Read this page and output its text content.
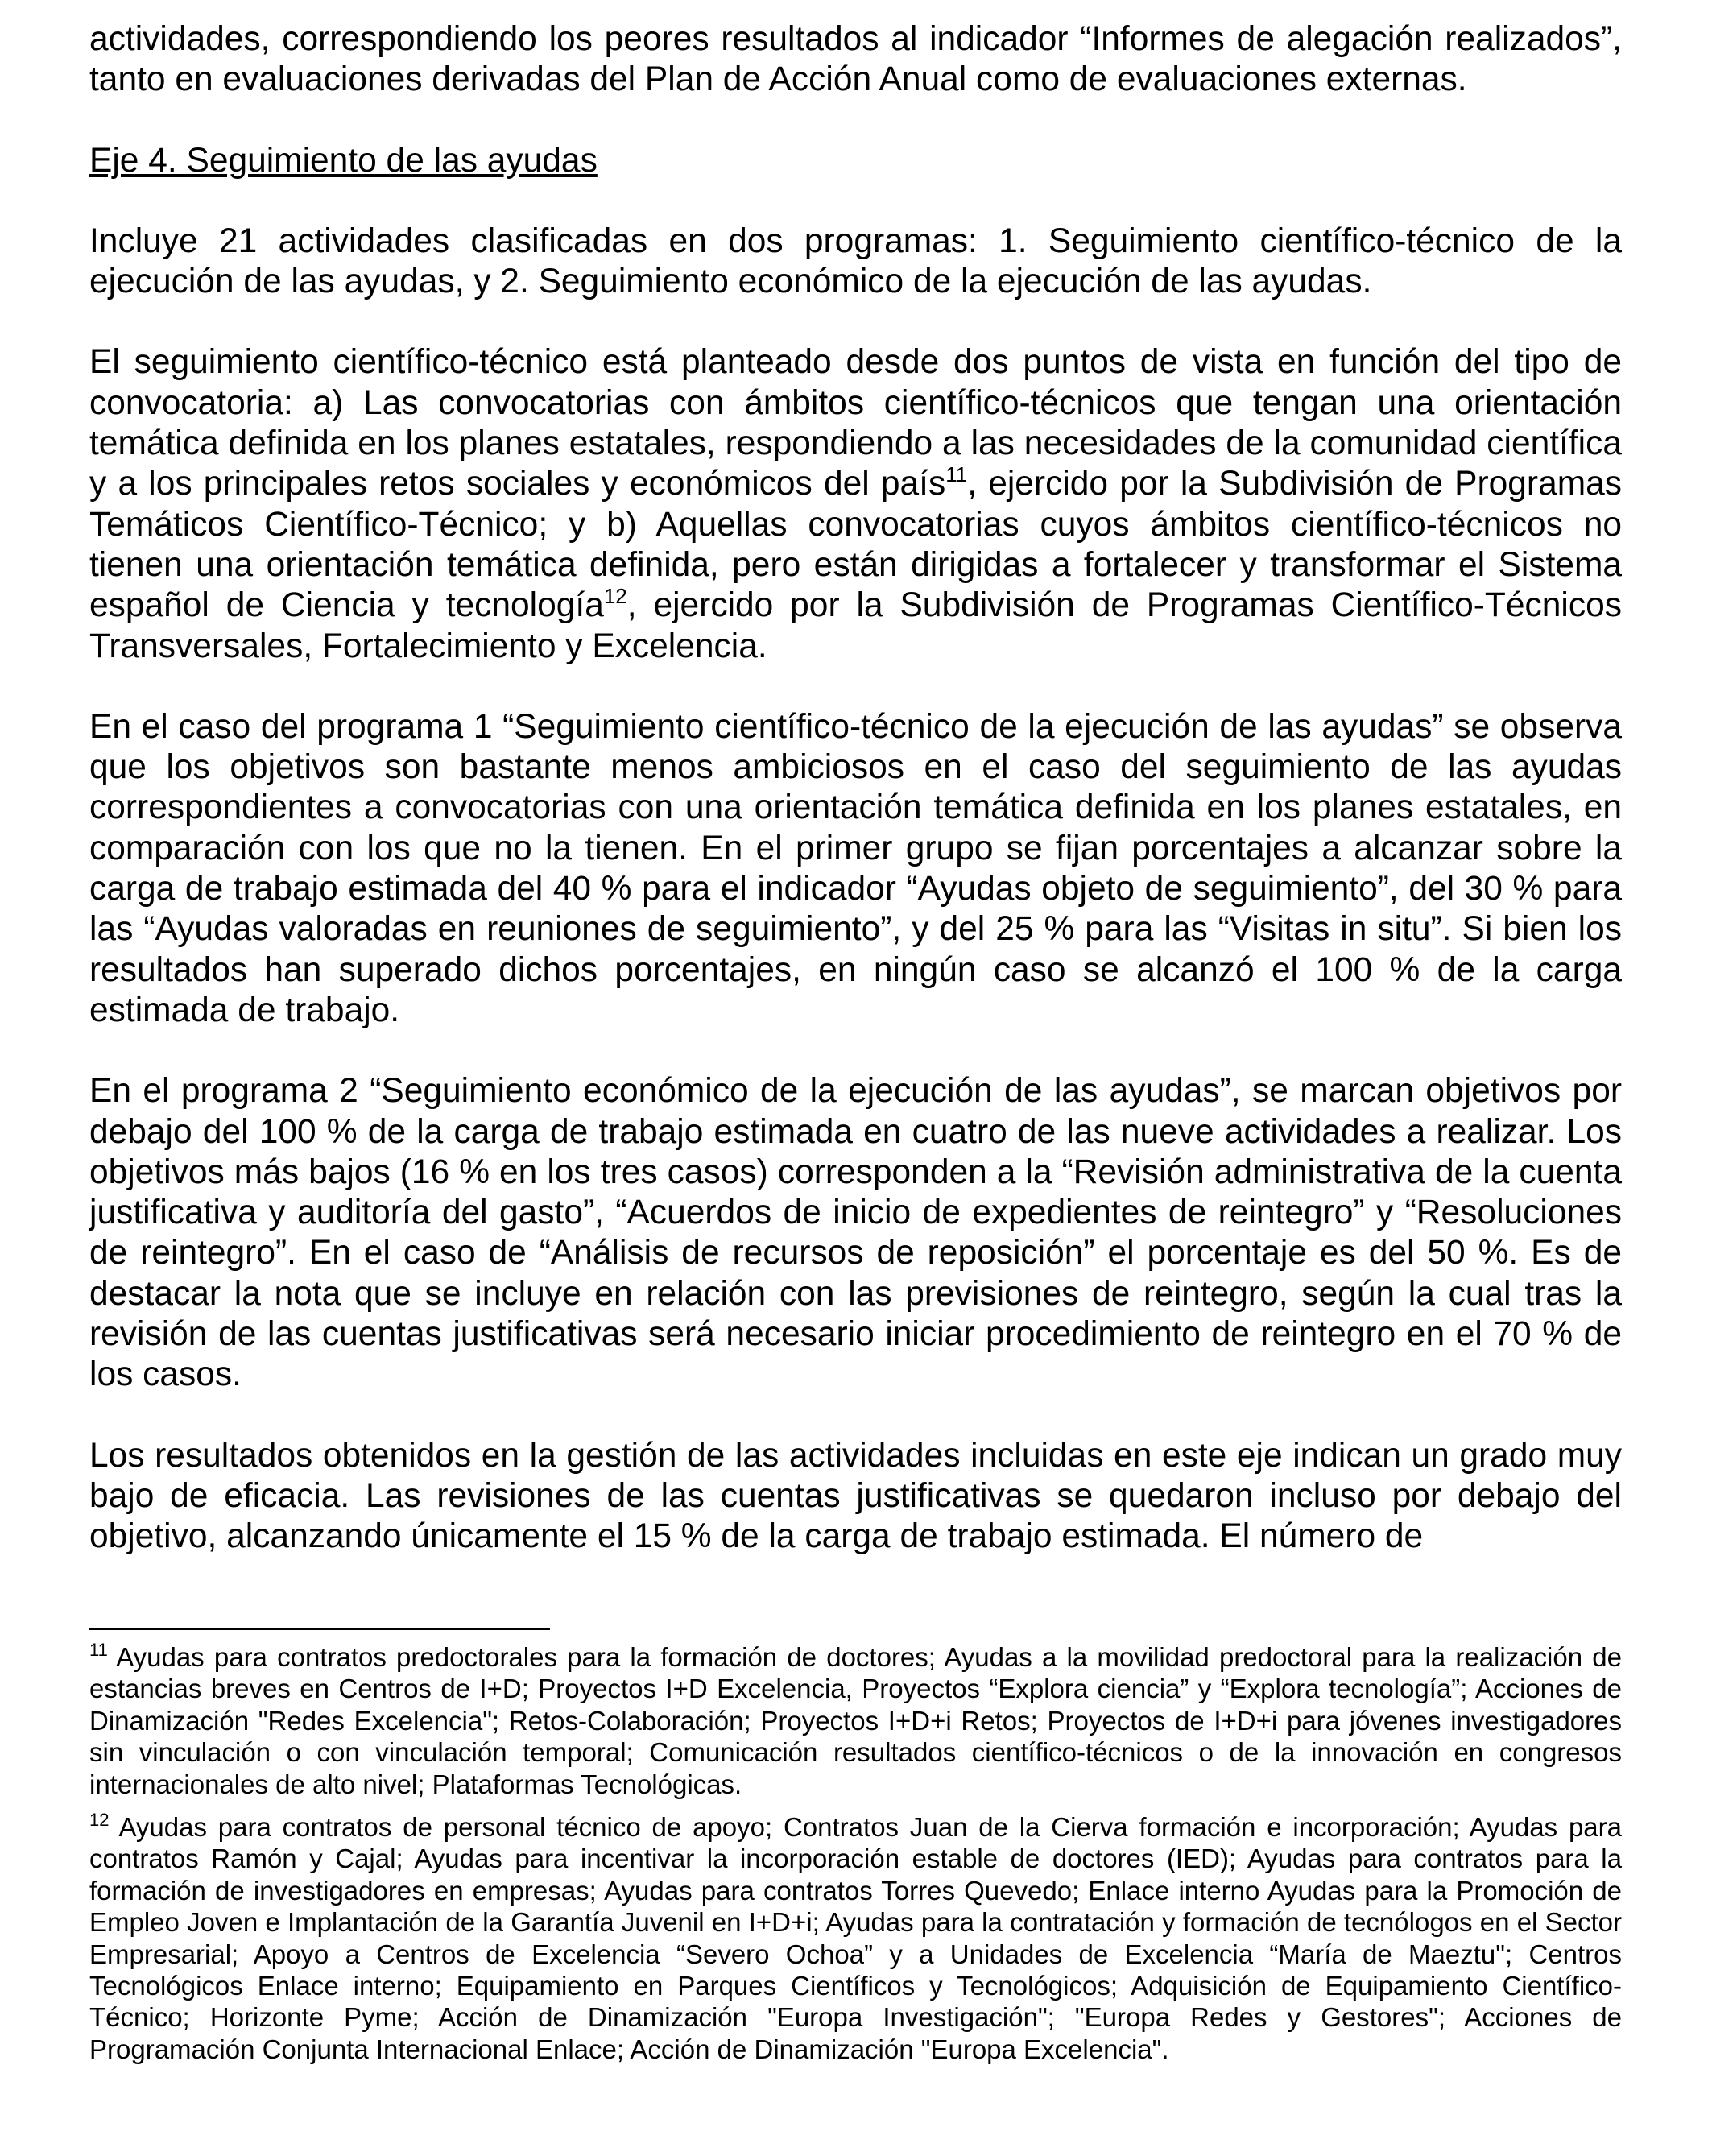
actividades, correspondiendo los peores resultados al indicador “Informes de alegación realizados”, tanto en evaluaciones derivadas del Plan de Acción Anual como de evaluaciones externas.

Eje 4. Seguimiento de las ayudas

Incluye 21 actividades clasificadas en dos programas: 1. Seguimiento científico-técnico de la ejecución de las ayudas, y 2. Seguimiento económico de la ejecución de las ayudas.

El seguimiento científico-técnico está planteado desde dos puntos de vista en función del tipo de convocatoria: a) Las convocatorias con ámbitos científico-técnicos que tengan una orientación temática definida en los planes estatales, respondiendo a las necesidades de la comunidad científica y a los principales retos sociales y económicos del país$^{11}$, ejercido por la Subdivisión de Programas Temáticos Científico-Técnico; y b) Aquellas convocatorias cuyos ámbitos científico-técnicos no tienen una orientación temática definida, pero están dirigidas a fortalecer y transformar el Sistema español de Ciencia y tecnología$^{12}$, ejercido por la Subdivisión de Programas Científico-Técnicos Transversales, Fortalecimiento y Excelencia.

En el caso del programa 1 “Seguimiento científico-técnico de la ejecución de las ayudas” se observa que los objetivos son bastante menos ambiciosos en el caso del seguimiento de las ayudas correspondientes a convocatorias con una orientación temática definida en los planes estatales, en comparación con los que no la tienen. En el primer grupo se fijan porcentajes a alcanzar sobre la carga de trabajo estimada del 40 % para el indicador “Ayudas objeto de seguimiento”, del 30 % para las “Ayudas valoradas en reuniones de seguimiento”, y del 25 % para las “Visitas in situ”. Si bien los resultados han superado dichos porcentajes, en ningún caso se alcanzó el 100 % de la carga estimada de trabajo.

En el programa 2 “Seguimiento económico de la ejecución de las ayudas”, se marcan objetivos por debajo del 100 % de la carga de trabajo estimada en cuatro de las nueve actividades a realizar. Los objetivos más bajos (16 % en los tres casos) corresponden a la “Revisión administrativa de la cuenta justificativa y auditoría del gasto”, “Acuerdos de inicio de expedientes de reintegro” y “Resoluciones de reintegro”. En el caso de “Análisis de recursos de reposición” el porcentaje es del 50 %. Es de destacar la nota que se incluye en relación con las previsiones de reintegro, según la cual tras la revisión de las cuentas justificativas será necesario iniciar procedimiento de reintegro en el 70 % de los casos.

Los resultados obtenidos en la gestión de las actividades incluidas en este eje indican un grado muy bajo de eficacia. Las revisiones de las cuentas justificativas se quedaron incluso por debajo del objetivo, alcanzando únicamente el 15 % de la carga de trabajo estimada. El número de

$^{11}$ Ayudas para contratos predoctorales para la formación de doctores; Ayudas a la movilidad predoctoral para la realización de estancias breves en Centros de I+D; Proyectos I+D Excelencia, Proyectos “Explora ciencia” y “Explora tecnología”; Acciones de Dinamización "Redes Excelencia"; Retos-Colaboración; Proyectos I+D+i Retos; Proyectos de I+D+i para jóvenes investigadores sin vinculación o con vinculación temporal; Comunicación resultados científico-técnicos o de la innovación en congresos internacionales de alto nivel; Plataformas Tecnológicas.

$^{12}$ Ayudas para contratos de personal técnico de apoyo; Contratos Juan de la Cierva formación e incorporación; Ayudas para contratos Ramón y Cajal; Ayudas para incentivar la incorporación estable de doctores (IED); Ayudas para contratos para la formación de investigadores en empresas; Ayudas para contratos Torres Quevedo; Enlace interno Ayudas para la Promoción de Empleo Joven e Implantación de la Garantía Juvenil en I+D+i; Ayudas para la contratación y formación de tecnólogos en el Sector Empresarial; Apoyo a Centros de Excelencia “Severo Ochoa” y a Unidades de Excelencia “María de Maeztu"; Centros Tecnológicos Enlace interno; Equipamiento en Parques Científicos y Tecnológicos; Adquisición de Equipamiento Científico-Técnico; Horizonte Pyme; Acción de Dinamización "Europa Investigación"; "Europa Redes y Gestores"; Acciones de Programación Conjunta Internacional Enlace; Acción de Dinamización "Europa Excelencia".
